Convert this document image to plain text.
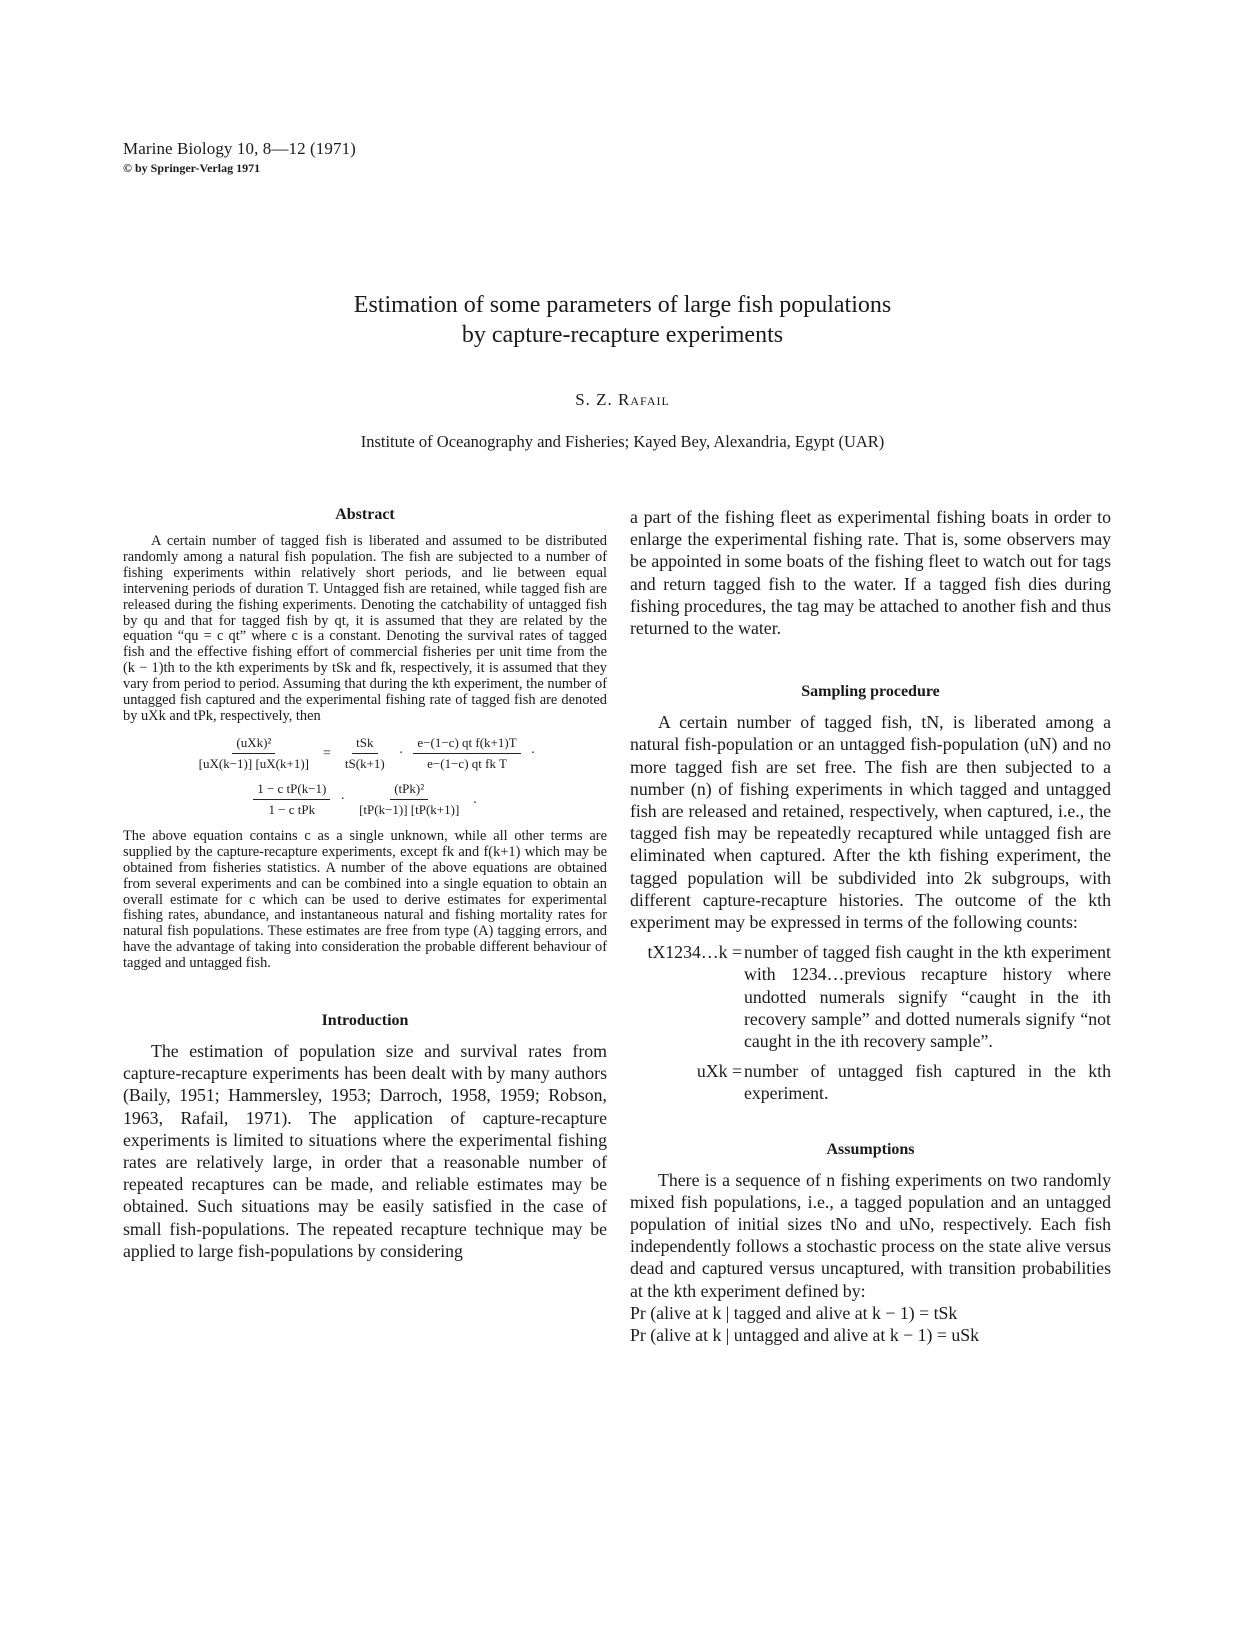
Marine Biology 10, 8—12 (1971)
© by Springer-Verlag 1971
Estimation of some parameters of large fish populations
by capture-recapture experiments
S. Z. Rafail
Institute of Oceanography and Fisheries; Kayed Bey, Alexandria, Egypt (UAR)
Abstract

A certain number of tagged fish is liberated and assumed to be distributed randomly among a natural fish population. The fish are subjected to a number of fishing experiments within relatively short periods, and lie between equal intervening periods of duration T. Untagged fish are retained, while tagged fish are released during the fishing experiments. Denoting the catchability of untagged fish by qu and that for tagged fish by qt, it is assumed that they are related by the equation “qu = c qt” where c is a constant. Denoting the survival rates of tagged fish and the effective fishing effort of commercial fisheries per unit time from the (k − 1)th to the kth experiments by tSk and fk, respectively, it is assumed that they vary from period to period. Assuming that during the kth experiment, the number of untagged fish captured and the experimental fishing rate of tagged fish are denoted by uXk and tPk, respectively, then

$\frac{\text{(uXk)²}}{[uX(k-1)] [uX(k+1)]} = \frac{\text{tSk}}{tS(k+1)} \cdot \frac{\text{e−(1−c) qt f(k+1)T}}{\text{e−(1−c) qt fk T}}$ ·
$\frac{\text{1 − c tP(k−1)}}{\text{1 − c tPk}} \cdot \frac{\text{(tPk)²}}{[tP(k-1)] [tP(k+1)]}$ .

The above equation contains c as a single unknown, while all other terms are supplied by the capture-recapture experiments, except fk and f(k+1) which may be obtained from fisheries statistics. A number of the above equations are obtained from several experiments and can be combined into a single equation to obtain an overall estimate for c which can be used to derive estimates for experimental fishing rates, abundance, and instantaneous natural and fishing mortality rates for natural fish populations. These estimates are free from type (A) tagging errors, and have the advantage of taking into consideration the probable different behaviour of tagged and untagged fish.

Introduction

The estimation of population size and survival rates from capture-recapture experiments has been dealt with by many authors (Baily, 1951; Hammersley, 1953; Darroch, 1958, 1959; Robson, 1963, Rafail, 1971). The application of capture-recapture experiments is limited to situations where the experimental fishing rates are relatively large, in order that a reasonable number of repeated recaptures can be made, and reliable estimates may be obtained. Such situations may be easily satisfied in the case of small fish-populations. The repeated recapture technique may be applied to large fish-populations by considering

a part of the fishing fleet as experimental fishing boats in order to enlarge the experimental fishing rate. That is, some observers may be appointed in some boats of the fishing fleet to watch out for tags and return tagged fish to the water. If a tagged fish dies during fishing procedures, the tag may be attached to another fish and thus returned to the water.

Sampling procedure

A certain number of tagged fish, tN, is liberated among a natural fish-population or an untagged fish-population (uN) and no more tagged fish are set free. The fish are then subjected to a number (n) of fishing experiments in which tagged and untagged fish are released and retained, respectively, when captured, i.e., the tagged fish may be repeatedly recaptured while untagged fish are eliminated when captured. After the kth fishing experiment, the tagged population will be subdivided into 2k subgroups, with different capture-recapture histories. The outcome of the kth experiment may be expressed in terms of the following counts:

tX1234…k = number of tagged fish caught in the kth experiment with 1234…previous recapture history where undotted numerals signify “caught in the ith recovery sample” and dotted numerals signify “not caught in the ith recovery sample”.
uXk = number of untagged fish captured in the kth experiment.
Assumptions

There is a sequence of n fishing experiments on two randomly mixed fish populations, i.e., a tagged population and an untagged population of initial sizes tNo and uNo, respectively. Each fish independently follows a stochastic process on the state alive versus dead and captured versus uncaptured, with transition probabilities at the kth experiment defined by:

Pr (alive at k | tagged and alive at k − 1) = tSk

Pr (alive at k | untagged and alive at k − 1) = uSk
